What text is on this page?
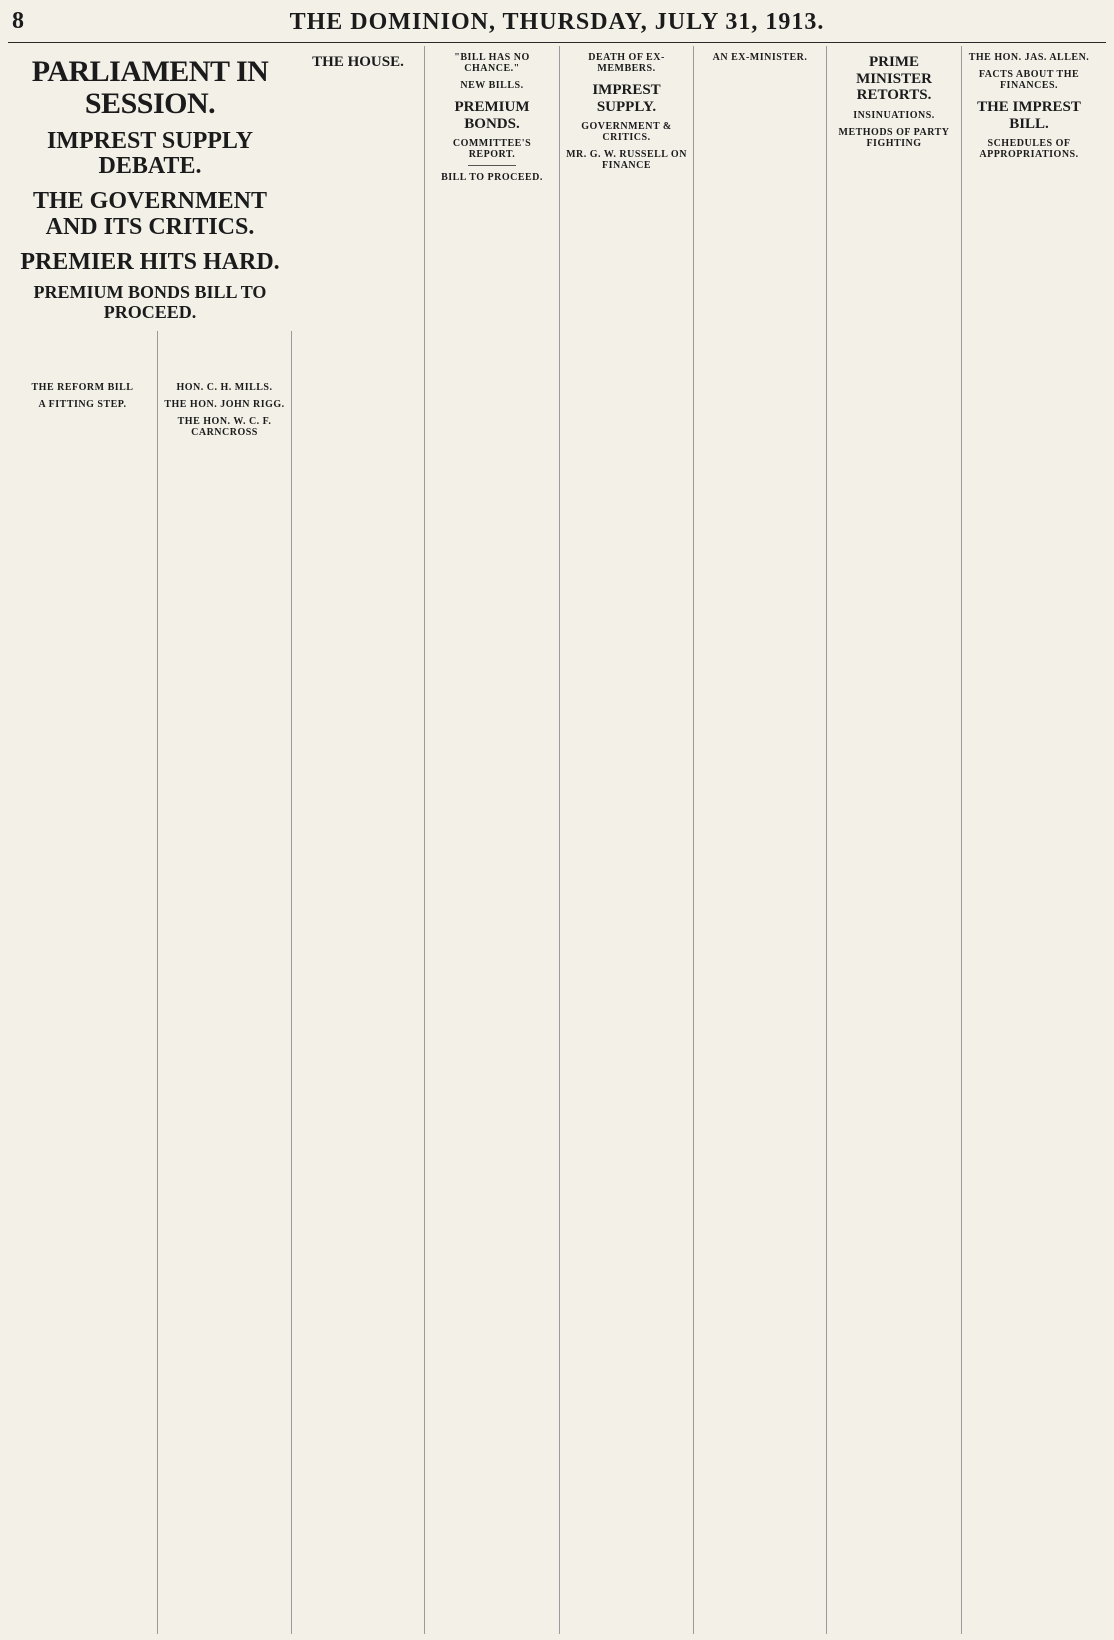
8	THE DOMINION, THURSDAY, JULY 31, 1913.
PARLIAMENT IN SESSION.
IMPREST SUPPLY DEBATE.
THE GOVERNMENT AND ITS CRITICS.
PREMIER HITS HARD.
PREMIUM BONDS BILL TO PROCEED.
THE REFORM BILL
A FITTING STEP.
HON. C. H. MILLS.
THE HON. JOHN RIGG.
THE HON. W. C. F. CARNCROSS
THE HOUSE.	"BILL HAS NO CHANCE."
NEW BILLS.
PREMIUM BONDS.
COMMITTEE'S REPORT.
BILL TO PROCEED.
DEATH OF EX-MEMBERS.
IMPREST SUPPLY.
GOVERNMENT & CRITICS.
MR. G. W. RUSSELL ON FINANCE
AN EX-MINISTER.	PRIME MINISTER RETORTS.
INSINUATIONS.
METHODS OF PARTY FIGHTING
THE HON. JAS. ALLEN.
FACTS ABOUT THE FINANCES.
THE IMPREST BILL.
SCHEDULES OF APPROPRIATIONS.
